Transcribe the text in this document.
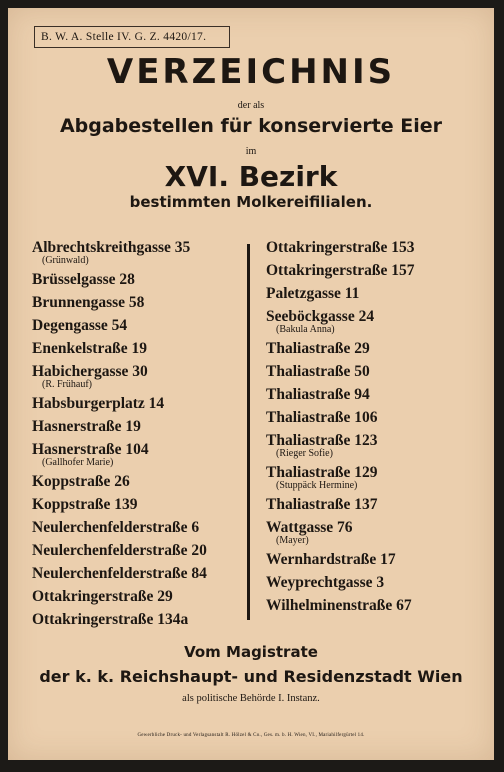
B. W. A. Stelle IV. G. Z. 4420/17.
VERZEICHNIS
der als
Abgabestellen für konservierte Eier
im
XVI. Bezirk
bestimmten Molkereifilialen.
Albrechtskreithgasse 35
(Grünwald)
Brüsselgasse 28
Brunnengasse 58
Degengasse 54
Enenkelstraße 19
Habichergasse 30
(R. Frühauf)
Habsburgerplatz 14
Hasnerstraße 19
Hasnerstraße 104
(Gallhofer Marie)
Koppstraße 26
Koppstraße 139
Neulerchenfelderstraße 6
Neulerchenfelderstraße 20
Neulerchenfelderstraße 84
Ottakringerstraße 29
Ottakringerstraße 134a
Ottakringerstraße 153
Ottakringerstraße 157
Paletzgasse 11
Seeböckgasse 24
(Bakula Anna)
Thaliastraße 29
Thaliastraße 50
Thaliastraße 94
Thaliastraße 106
Thaliastraße 123
(Rieger Sofie)
Thaliastraße 129
(Stuppäck Hermine)
Thaliastraße 137
Wattgasse 76
(Mayer)
Wernhardstraße 17
Weyprechtgasse 3
Wilhelminenstraße 67
Vom Magistrate
der k. k. Reichshaupt- und Residenzstadt Wien
als politische Behörde I. Instanz.
Gewerbliche Druck- und Verlagsanstalt R. Hölzel & Co., Ges. m. b. H. Wien, VI., Mariahilfergürtel 14.
